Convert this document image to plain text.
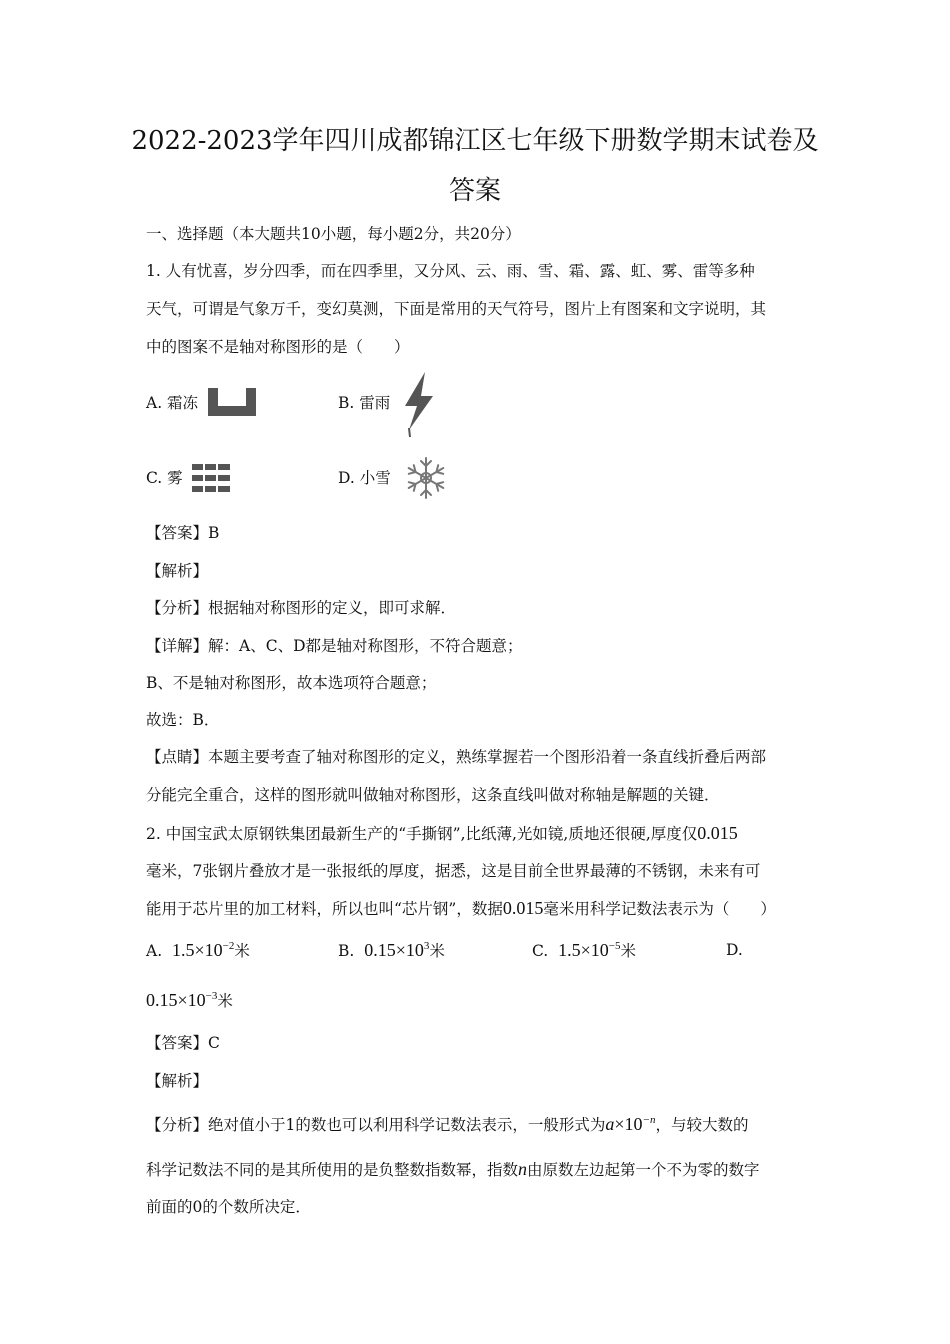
2022-2023学年四川成都锦江区七年级下册数学期末试卷及
答案
一、选择题（本大题共10小题，每小题2分，共20分）
1. 人有忧喜，岁分四季，而在四季里，又分风、云、雨、雪、霜、露、虹、雾、雷等多种
天气，可谓是气象万千，变幻莫测，下面是常用的天气符号，图片上有图案和文字说明，其
中的图案不是轴对称图形的是（　　）
A. 霜冻	B. 雷雨
C. 雾	D. 小雪
【答案】B
【解析】
【分析】根据轴对称图形的定义，即可求解．
【详解】解：A、C、D都是轴对称图形，不符合题意；
B、不是轴对称图形，故本选项符合题意；
故选：B．
【点睛】本题主要考查了轴对称图形的定义，熟练掌握若一个图形沿着一条直线折叠后两部
分能完全重合，这样的图形就叫做轴对称图形，这条直线叫做对称轴是解题的关键．
2. 中国宝武太原钢铁集团最新生产的“手撕钢”,比纸薄,光如镜,质地还很硬,厚度仅0.015
毫米，7张钢片叠放才是一张报纸的厚度，据悉，这是目前全世界最薄的不锈钢，未来有可
能用于芯片里的加工材料，所以也叫“芯片钢”，数据0.015毫米用科学记数法表示为（　　）
A. $1.5\times 10^{-2}$米	B. $0.15\times 10^3$米	C. $1.5\times 10^{-5}$米	D.
$0.15\times 10^{-3}$米
【答案】C
【解析】
【分析】绝对值小于1的数也可以利用科学记数法表示，一般形式为$a\times 10^{-n}$，与较大数的
科学记数法不同的是其所使用的是负整数指数幂，指数n由原数左边起第一个不为零的数字
前面的0的个数所决定．
